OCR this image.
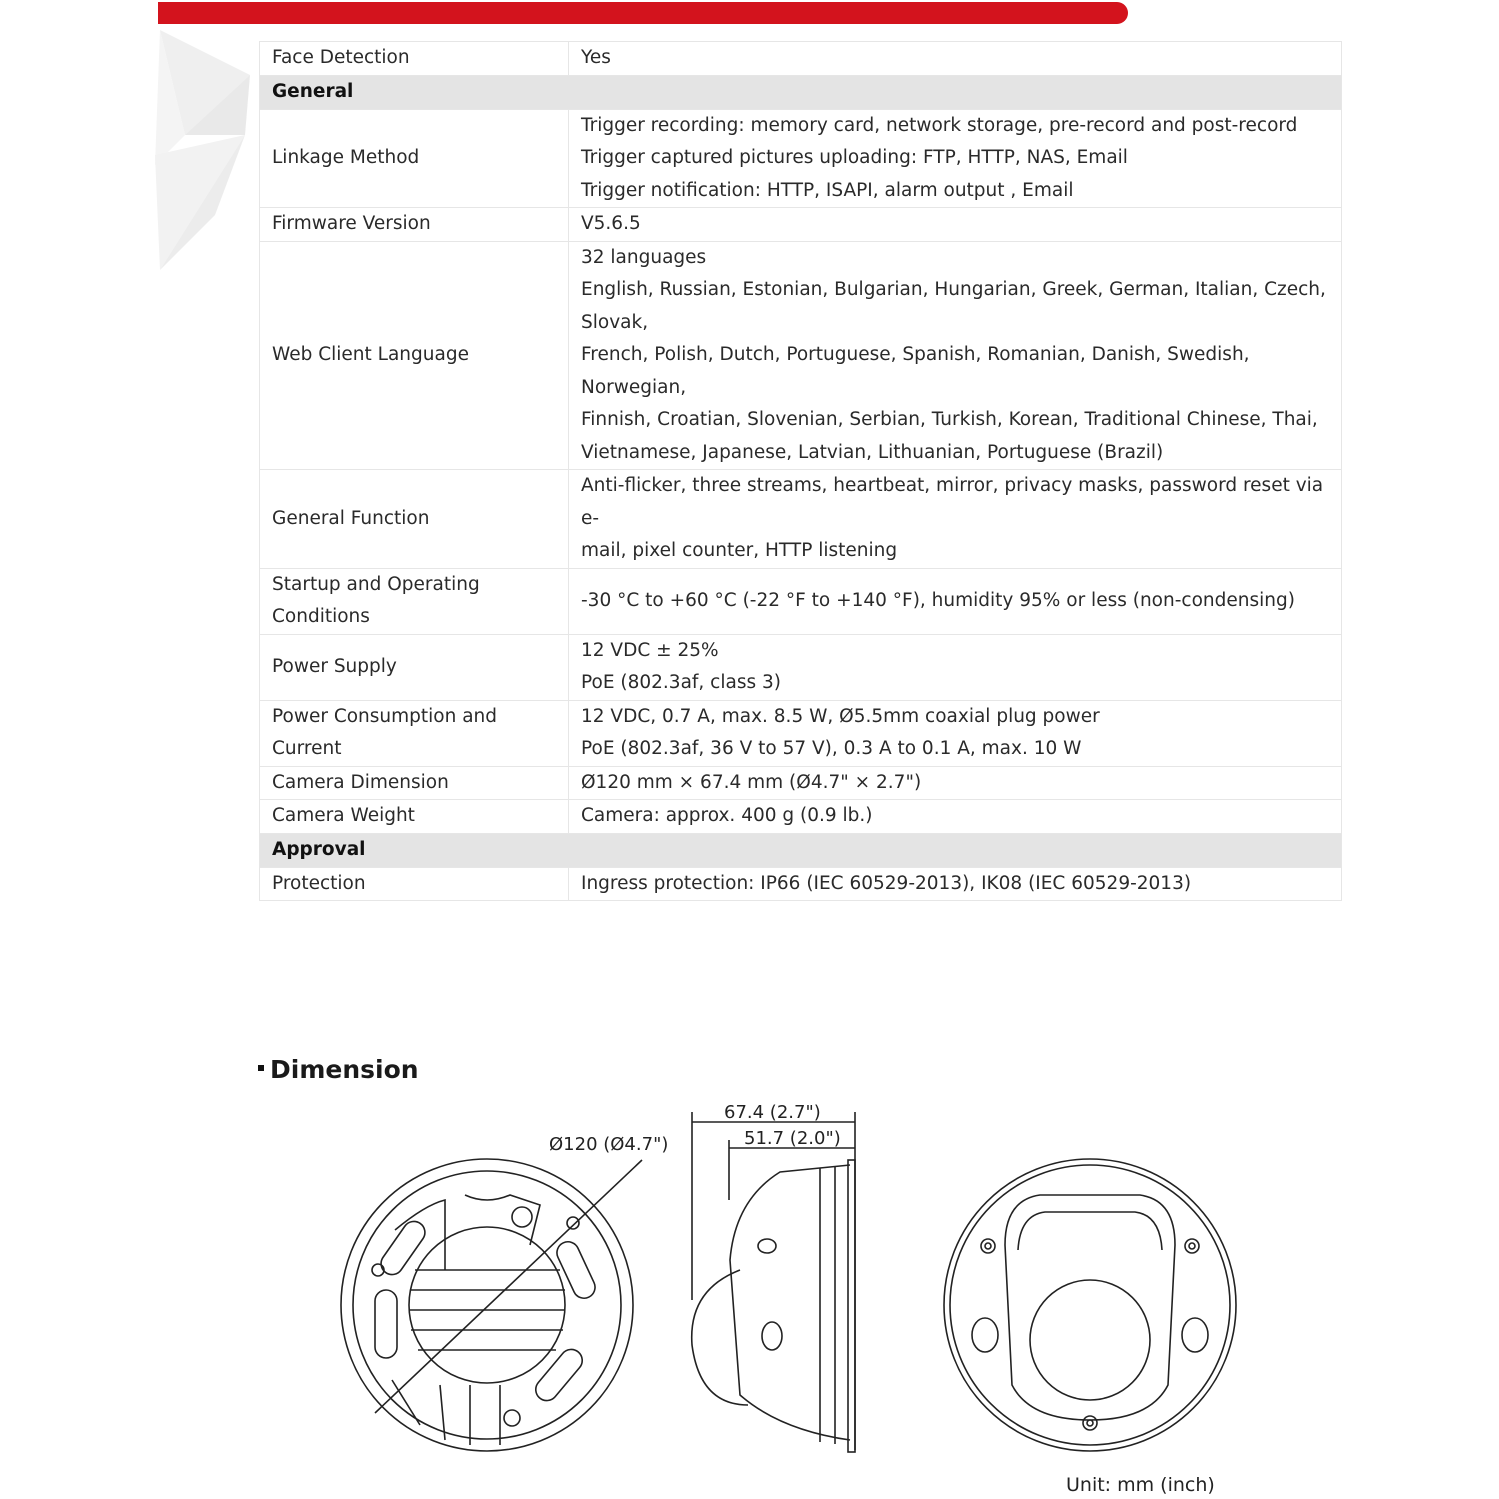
Face Detection	Yes

General	
Linkage Method	Trigger recording: memory card, network storage, pre-record and post-record
Trigger captured pictures uploading: FTP, HTTP, NAS, Email
Trigger notification: HTTP, ISAPI, alarm output , Email

Firmware Version	V5.6.5

Web Client Language	32 languages
English, Russian, Estonian, Bulgarian, Hungarian, Greek, German, Italian, Czech, Slovak,
French, Polish, Dutch, Portuguese, Spanish, Romanian, Danish, Swedish, Norwegian,
Finnish, Croatian, Slovenian, Serbian, Turkish, Korean, Traditional Chinese, Thai,
Vietnamese, Japanese, Latvian, Lithuanian, Portuguese (Brazil)

General Function	Anti-flicker, three streams, heartbeat, mirror, privacy masks, password reset via e-
mail, pixel counter, HTTP listening

Startup and Operating
Conditions	-30 °C to +60 °C (-22 °F to +140 °F), humidity 95% or less (non-condensing)

Power Supply	12 VDC ± 25%
PoE (802.3af, class 3)

Power Consumption and
Current	12 VDC, 0.7 A, max. 8.5 W, Ø5.5mm coaxial plug power
PoE (802.3af, 36 V to 57 V), 0.3 A to 0.1 A, max. 10 W

Camera Dimension	Ø120 mm × 67.4 mm (Ø4.7" × 2.7")

Camera Weight	Camera: approx. 400 g (0.9 lb.)

Approval	
Protection	Ingress protection: IP66 (IEC 60529-2013), IK08 (IEC 60529-2013)
Dimension
Ø120 (Ø4.7")
67.4 (2.7")
51.7 (2.0")
Unit: mm (inch)
